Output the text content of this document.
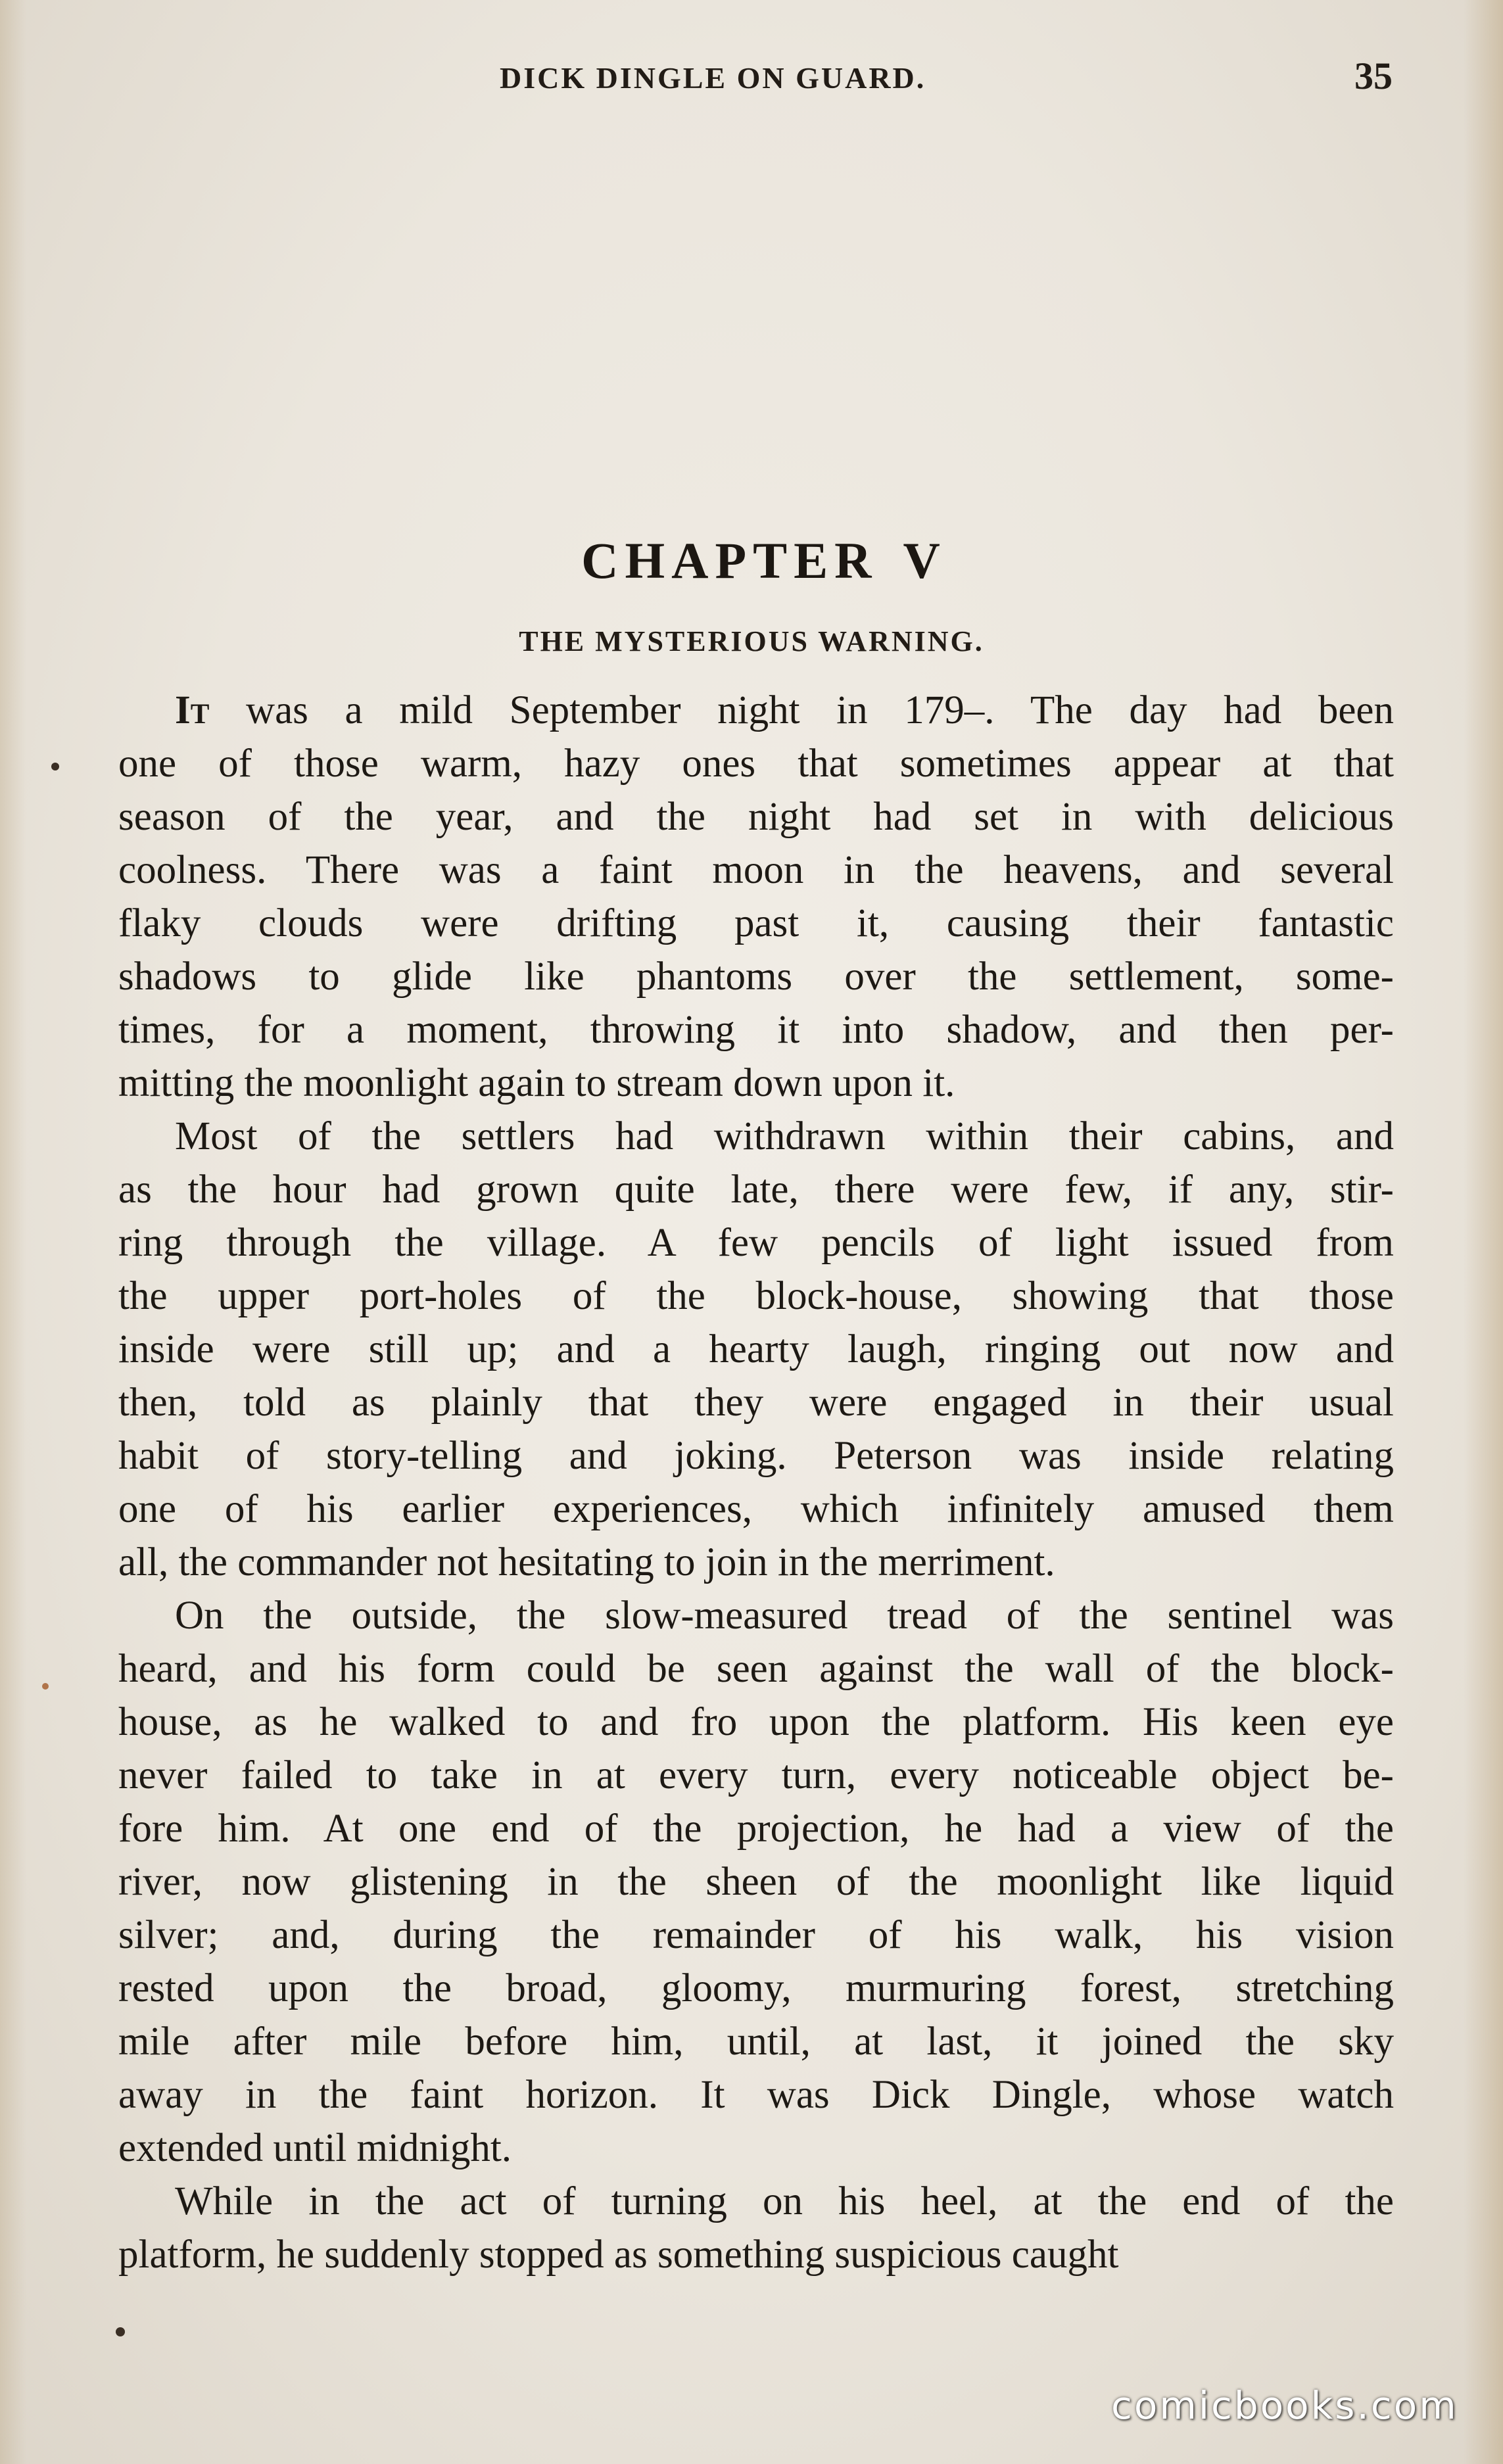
DICK DINGLE ON GUARD.	35
CHAPTER V
THE MYSTERIOUS WARNING.
It was a mild September night in 179–. The day had been
one of those warm, hazy ones that sometimes appear at that
season of the year, and the night had set in with delicious
coolness. There was a faint moon in the heavens, and several
flaky clouds were drifting past it, causing their fantastic
shadows to glide like phantoms over the settlement, some-
times, for a moment, throwing it into shadow, and then per-
mitting the moonlight again to stream down upon it.
Most of the settlers had withdrawn within their cabins, and
as the hour had grown quite late, there were few, if any, stir-
ring through the village. A few pencils of light issued from
the upper port-holes of the block-house, showing that those
inside were still up; and a hearty laugh, ringing out now and
then, told as plainly that they were engaged in their usual
habit of story-telling and joking. Peterson was inside relating
one of his earlier experiences, which infinitely amused them
all, the commander not hesitating to join in the merriment.
On the outside, the slow-measured tread of the sentinel was
heard, and his form could be seen against the wall of the block-
house, as he walked to and fro upon the platform. His keen eye
never failed to take in at every turn, every noticeable object be-
fore him. At one end of the projection, he had a view of the
river, now glistening in the sheen of the moonlight like liquid
silver; and, during the remainder of his walk, his vision
rested upon the broad, gloomy, murmuring forest, stretching
mile after mile before him, until, at last, it joined the sky
away in the faint horizon. It was Dick Dingle, whose watch
extended until midnight.
While in the act of turning on his heel, at the end of the
platform, he suddenly stopped as something suspicious caught
comicbooks.com
